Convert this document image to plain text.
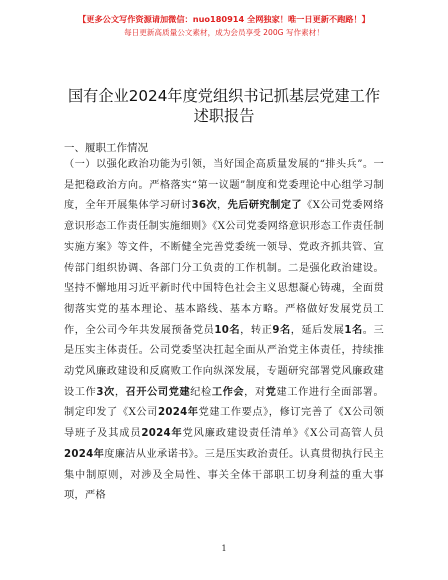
【更多公文写作资源请加微信：nuo180914 全网独家！唯一日更新不跑路！】
每日更新高质量公文素材，成为会员享受 200G 写作素材！
国有企业2024年度党组织书记抓基层党建工作
述职报告
一、履职工作情况
（一）以强化政治功能为引领，当好国企高质量发展的“排头兵”。一是把稳政治方向。严格落实“第一议题”制度和党委理论中心组学习制度，全年开展集体学习研讨36次，先后研究制定了《X公司党委网络意识形态工作责任制实施细则》《X公司党委网络意识形态工作责任制实施方案》等文件，不断健全完善党委统一领导、党政齐抓共管、宣传部门组织协调、各部门分工负责的工作机制。二是强化政治建设。坚持不懈地用习近平新时代中国特色社会主义思想凝心铸魂，全面贯彻落实党的基本理论、基本路线、基本方略。严格做好发展党员工作，全公司今年共发展预备党员10名，转正9名，延后发展1名。三是压实主体责任。公司党委坚决扛起全面从严治党主体责任，持续推动党风廉政建设和反腐败工作向纵深发展，专题研究部署党风廉政建设工作3次，召开公司党建纪检工作会，对党建工作进行全面部署。制定印发了《X公司2024年党建工作要点》，修订完善了《X公司领导班子及其成员2024年党风廉政建设责任清单》《X公司高管人员2024年度廉洁从业承诺书》。三是压实政治责任。认真贯彻执行民主集中制原则，对涉及全局性、事关全体干部职工切身利益的重大事项，严格
1
